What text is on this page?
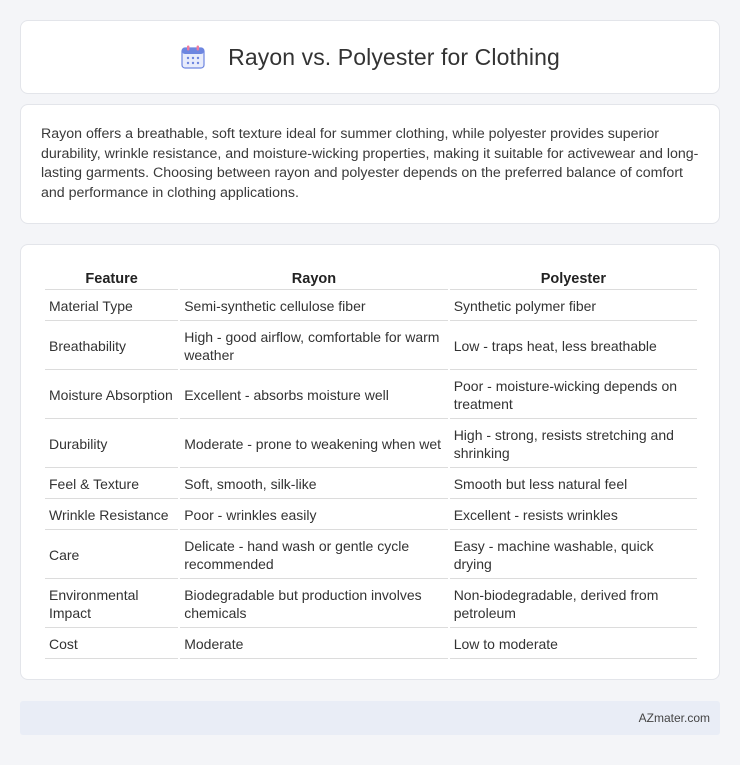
Rayon vs. Polyester for Clothing

Rayon offers a breathable, soft texture ideal for summer clothing, while polyester provides superior durability, wrinkle resistance, and moisture-wicking properties, making it suitable for activewear and long-lasting garments. Choosing between rayon and polyester depends on the preferred balance of comfort and performance in clothing applications.

Feature	Rayon	Polyester
Material Type	Semi-synthetic cellulose fiber	Synthetic polymer fiber
Breathability	High - good airflow, comfortable for warm weather	Low - traps heat, less breathable
Moisture Absorption	Excellent - absorbs moisture well	Poor - moisture-wicking depends on treatment
Durability	Moderate - prone to weakening when wet	High - strong, resists stretching and shrinking
Feel & Texture	Soft, smooth, silk-like	Smooth but less natural feel
Wrinkle Resistance	Poor - wrinkles easily	Excellent - resists wrinkles
Care	Delicate - hand wash or gentle cycle recommended	Easy - machine washable, quick drying
Environmental Impact	Biodegradable but production involves chemicals	Non-biodegradable, derived from petroleum
Cost	Moderate	Low to moderate
AZmater.com
